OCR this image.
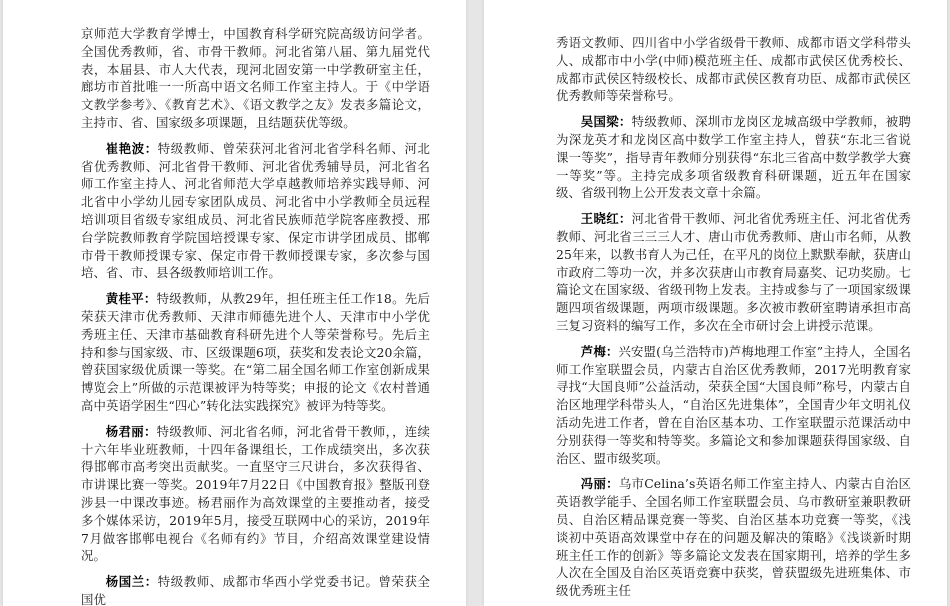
京师范大学教育学博士，中国教育科学研究院高级访问学者。全国优秀教师，省、市骨干教师。河北省第八届、第九届党代表，本届县、市人大代表，现河北固安第一中学教研室主任，廊坊市首批唯一一所高中语文名师工作室主持人。于《中学语文教学参考》、《教育艺术》、《语文教学之友》发表多篇论文，主持市、省、国家级多项课题，且结题获优等级。

崔艳波：特级教师、曾荣获河北省河北省学科名师、河北省优秀教师、河北省骨干教师、河北省优秀辅导员，河北省名师工作室主持人、河北省师范大学卓越教师培养实践导师、河北省中小学幼儿园专家团队成员、河北省中小学教师全员远程培训项目省级专家组成员、河北省民族师范学院客座教授、邢台学院教师教育学院国培授课专家、保定市讲学团成员、邯郸市骨干教师授课专家、保定市骨干教师授课专家，多次参与国培、省、市、县各级教师培训工作。

黄桂平：特级教师，从教29年，担任班主任工作18。先后荣获天津市优秀教师、天津市师德先进个人、天津市中小学优秀班主任、天津市基础教育科研先进个人等荣誉称号。先后主持和参与国家级、市、区级课题6项，获奖和发表论文20余篇，曾获国家级优质课一等奖。在“第二届全国名师工作室创新成果博览会上”所做的示范课被评为特等奖；申报的论文《农村普通高中英语学困生“四心”转化法实践探究》被评为特等奖。

杨君丽：特级教师、河北省名师，河北省骨干教师，，连续十六年毕业班教师，十四年备课组长，工作成绩突出，多次获得邯郸市高考突出贡献奖。一直坚守三尺讲台，多次获得省、市讲课比赛一等奖。2019年7月22日《中国教育报》整版刊登涉县一中课改事迹。杨君丽作为高效课堂的主要推动者，接受多个媒体采访，2019年5月，接受互联网中心的采访，2019年7月做客邯郸电视台《名师有约》节目，介绍高效课堂建设情况。

杨国兰：特级教师、成都市华西小学党委书记。曾荣获全国优

秀语文教师、四川省中小学省级骨干教师、成都市语文学科带头人、成都市中小学(中师)模范班主任、成都市武侯区优秀校长、成都市武侯区特级校长、成都市武侯区教育功臣、成都市武侯区优秀教师等荣誉称号。

吴国梁：特级教师、深圳市龙岗区龙城高级中学教师，被聘为深龙英才和龙岗区高中数学工作室主持人，曾获“东北三省说课一等奖”，指导青年教师分别获得“东北三省高中数学教学大赛一等奖”等。主持完成多项省级教育科研课题，近五年在国家级、省级刊物上公开发表文章十余篇。

王晓红：河北省骨干教师、河北省优秀班主任、河北省优秀教师、河北省三三三人才、唐山市优秀教师、唐山市名师，从教25年来，以教书育人为己任，在平凡的岗位上默默奉献，获唐山市政府二等功一次，并多次获唐山市教育局嘉奖、记功奖励。七篇论文在国家级、省级刊物上发表。主持或参与了一项国家级课题四项省级课题，两项市级课题。多次被市教研室聘请承担市高三复习资料的编写工作，多次在全市研讨会上讲授示范课。

芦梅：兴安盟(乌兰浩特市)芦梅地理工作室”主持人，全国名师工作室联盟会员，内蒙古自治区优秀教师，2017光明教育家寻找“大国良师”公益活动，荣获全国“大国良师”称号，内蒙古自治区地理学科带头人，“自治区先进集体”，全国青少年文明礼仪活动先进工作者，曾在自治区基本功、工作室联盟示范课活动中分别获得一等奖和特等奖。多篇论文和参加课题获得国家级、自治区、盟市级奖项。

冯丽：乌市Celina’s英语名师工作室主持人、内蒙古自治区英语教学能手、全国名师工作室联盟会员、乌市教研室兼职教研员、自治区精品课竞赛一等奖、自治区基本功竞赛一等奖，《浅谈初中英语高效课堂中存在的问题及解决的策略》《浅谈新时期班主任工作的创新》等多篇论文发表在国家期刊，培养的学生多人次在全国及自治区英语竞赛中获奖，曾获盟级先进班集体、市级优秀班主任
